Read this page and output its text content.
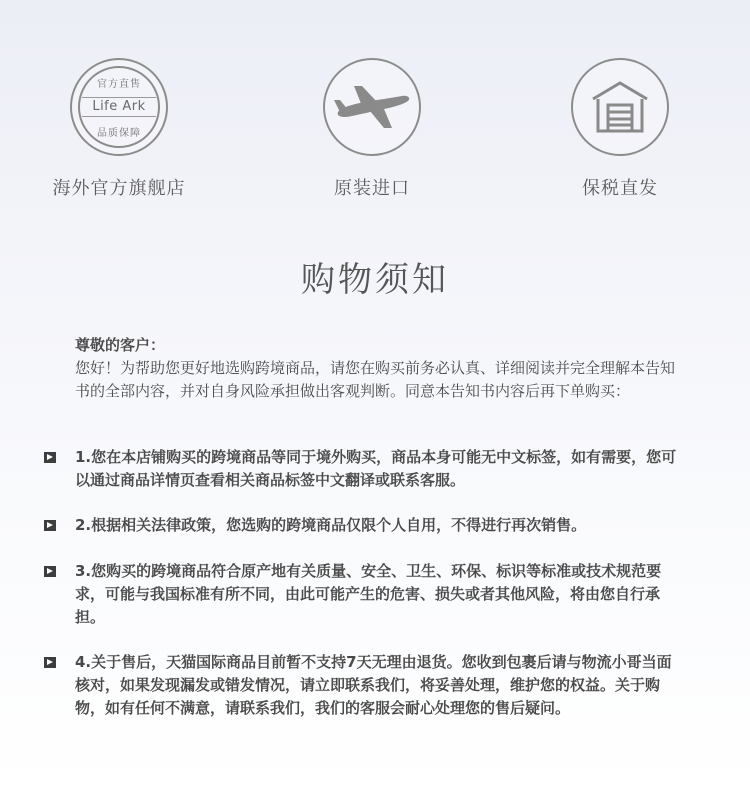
官方直售
Life Ark
品质保障
海外官方旗舰店	原装进口	保税直发
购物须知
尊敬的客户：
您好！为帮助您更好地选购跨境商品，请您在购买前务必认真、详细阅读并完全理解本告知书的全部内容，并对自身风险承担做出客观判断。同意本告知书内容后再下单购买：
1.您在本店铺购买的跨境商品等同于境外购买，商品本身可能无中文标签，如有需要，您可以通过商品详情页查看相关商品标签中文翻译或联系客服。
2.根据相关法律政策，您选购的跨境商品仅限个人自用，不得进行再次销售。
3.您购买的跨境商品符合原产地有关质量、安全、卫生、环保、标识等标准或技术规范要求，可能与我国标准有所不同，由此可能产生的危害、损失或者其他风险，将由您自行承担。
4.关于售后，天猫国际商品目前暂不支持7天无理由退货。您收到包裹后请与物流小哥当面核对，如果发现漏发或错发情况，请立即联系我们，将妥善处理，维护您的权益。关于购物，如有任何不满意，请联系我们，我们的客服会耐心处理您的售后疑问。
